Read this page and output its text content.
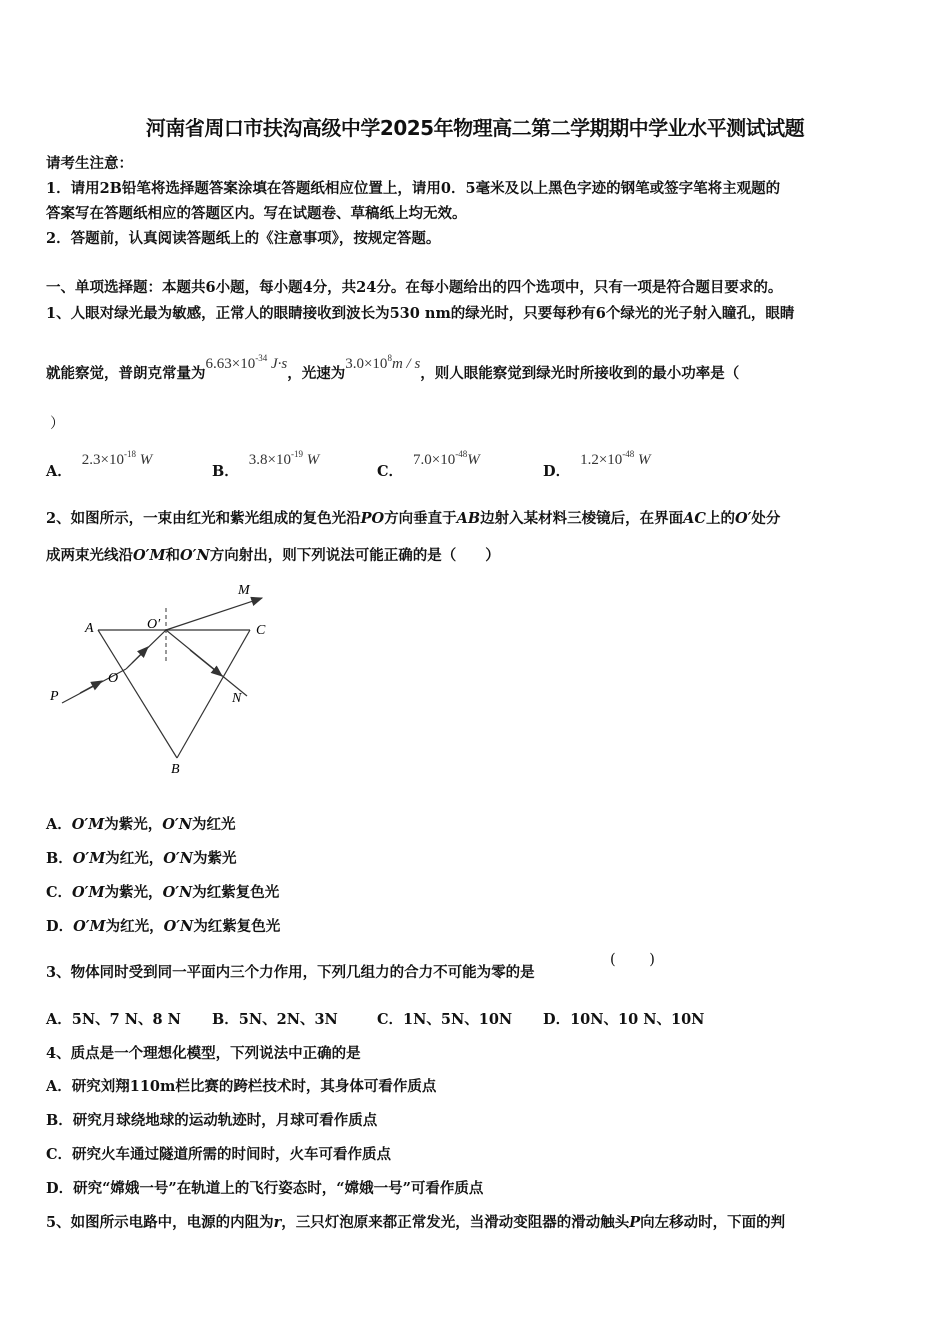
河南省周口市扶沟高级中学2025年物理高二第二学期期中学业水平测试试题
请考生注意：
1．请用2B铅笔将选择题答案涂填在答题纸相应位置上，请用0．5毫米及以上黑色字迹的钢笔或签字笔将主观题的
答案写在答题纸相应的答题区内。写在试题卷、草稿纸上均无效。
2．答题前，认真阅读答题纸上的《注意事项》，按规定答题。
一、单项选择题：本题共6小题，每小题4分，共24分。在每小题给出的四个选项中，只有一项是符合题目要求的。
1、人眼对绿光最为敏感，正常人的眼睛接收到波长为530 nm的绿光时，只要每秒有6个绿光的光子射入瞳孔，眼睛
就能察觉，普朗克常量为$6.63\times 10^{-34}$ J·s，光速为$3.0\times 10^8m / s$，则人眼能察觉到绿光时所接收到的最小功率是（
）
A．$2.3\times 10^{-18}$ W
B．$3.8\times 10^{-19}$ W
C．$7.0\times 10^{-48}W$
D．$1.2\times 10^{-48}$ W
2、如图所示，一束由红光和紫光组成的复色光沿PO方向垂直于AB边射入某材料三棱镜后，在界面AC上的O′处分
成两束光线沿O′M和O′N方向射出，则下列说法可能正确的是（　　）
A	C
B
O
O′
M
N
P
A．O′M为紫光，O′N为红光
B．O′M为红光，O′N为紫光
C．O′M为紫光，O′N为红紫复色光
D．O′M为红光，O′N为红紫复色光
3、物体同时受到同一平面内三个力作用，下列几组力的合力不可能为零的是
(　　 )
A．5N、7 N、8 N B．5N、2N、3N	C．1N、5N、10N D．10N、10 N、10N
4、质点是一个理想化模型，下列说法中正确的是
A．研究刘翔110m栏比赛的跨栏技术时，其身体可看作质点
B．研究月球绕地球的运动轨迹时，月球可看作质点
C．研究火车通过隧道所需的时间时，火车可看作质点
D．研究“嫦娥一号”在轨道上的飞行姿态时，“嫦娥一号”可看作质点
5、如图所示电路中，电源的内阻为r，三只灯泡原来都正常发光，当滑动变阻器的滑动触头P向左移动时，下面的判
